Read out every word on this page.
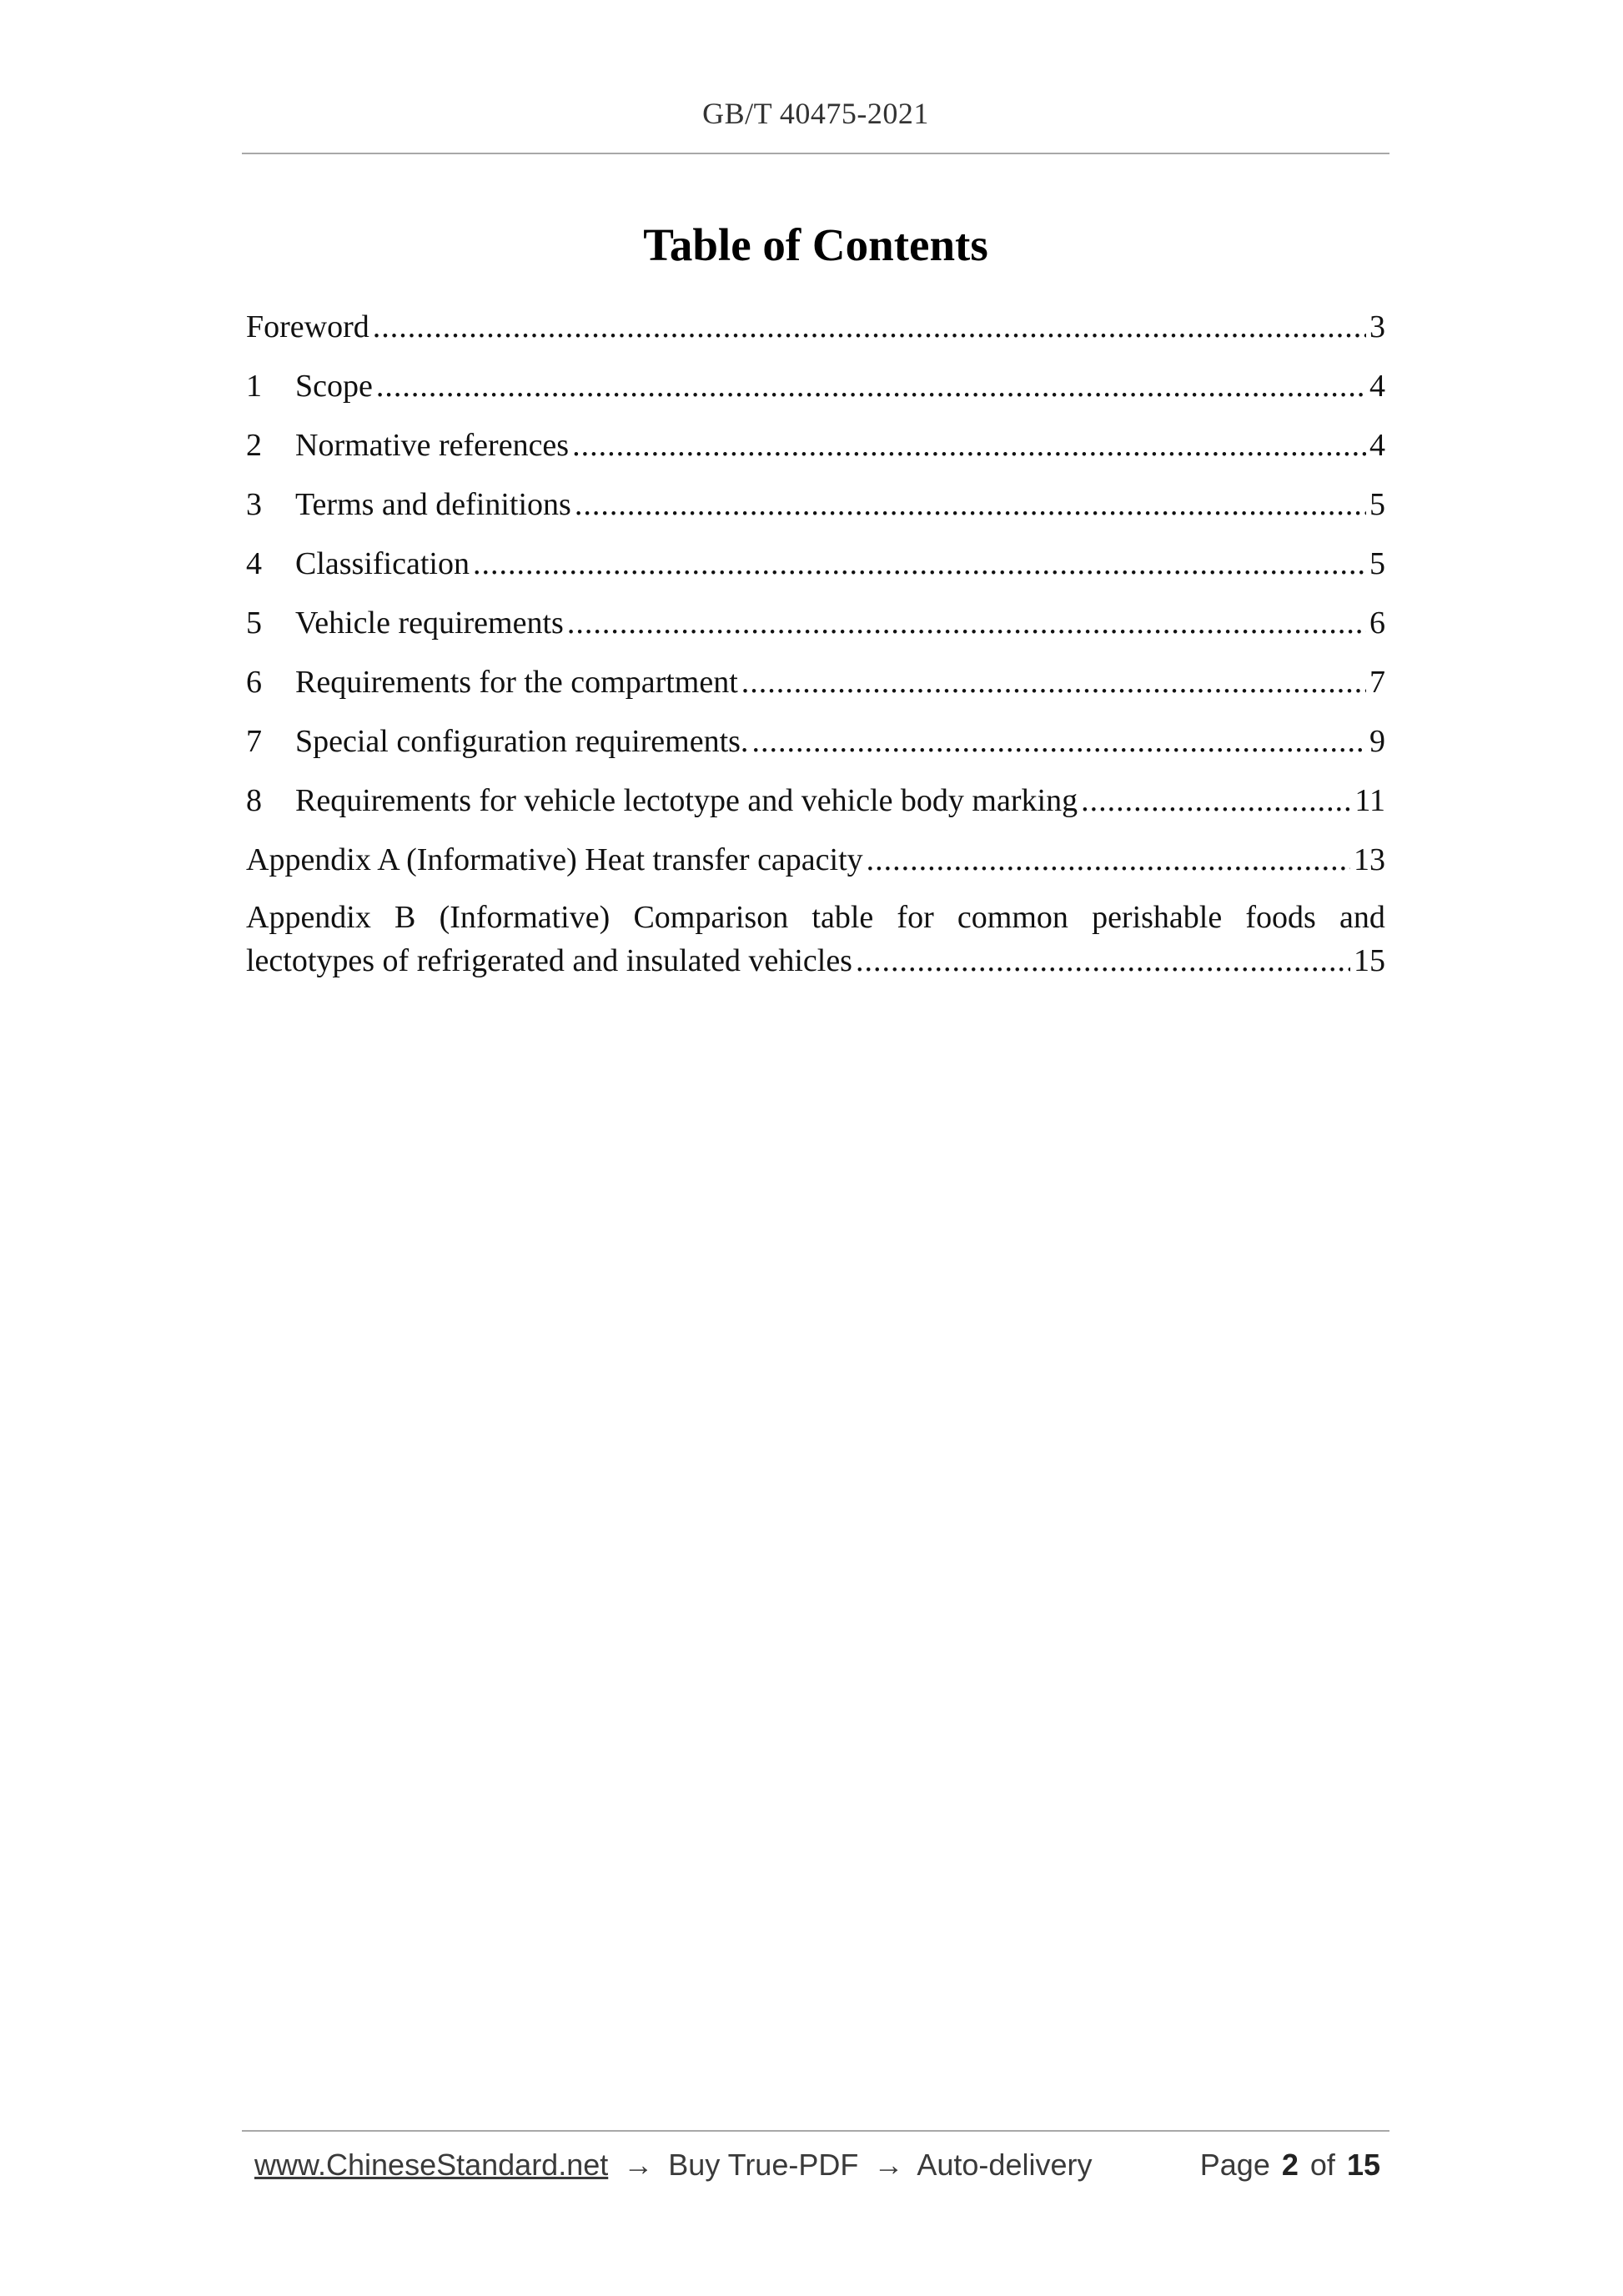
GB/T 40475-2021
Table of Contents
Foreword .....	3
1	Scope .....	4
2	Normative references .....	4
3	Terms and definitions .....	5
4	Classification .....	5
5	Vehicle requirements .....	6
6	Requirements for the compartment .....	7
7	Special configuration requirements. .....	9
8	Requirements for vehicle lectotype and vehicle body marking .....	11
Appendix A (Informative) Heat transfer capacity .....	13
Appendix B (Informative) Comparison table for common perishable foods and
lectotypes of refrigerated and insulated vehicles .....	15
www.ChineseStandard.net → Buy True-PDF → Auto-delivery	Page 2 of 15
